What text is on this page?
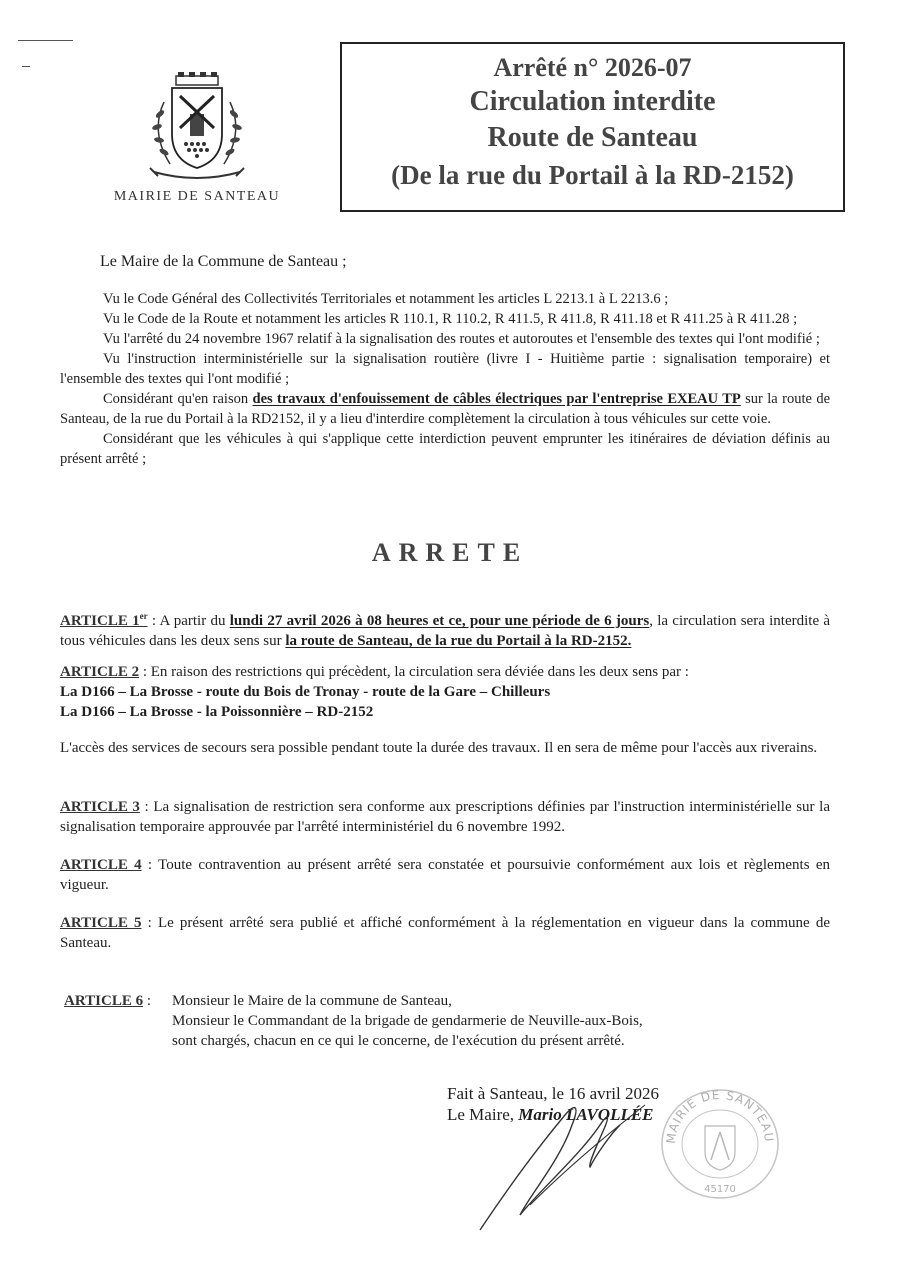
MAIRIE DE SANTEAU
Arrêté n° 2026-07
Circulation interdite
Route de Santeau
(De la rue du Portail à la RD-2152)

Le Maire de la Commune de Santeau ;

Vu le Code Général des Collectivités Territoriales et notamment les articles L 2213.1 à L 2213.6 ;

Vu le Code de la Route et notamment les articles R 110.1, R 110.2, R 411.5, R 411.8, R 411.18 et R 411.25 à R 411.28 ;

Vu l'arrêté du 24 novembre 1967 relatif à la signalisation des routes et autoroutes et l'ensemble des textes qui l'ont modifié ;

Vu l'instruction interministérielle sur la signalisation routière (livre I - Huitième partie : signalisation temporaire) et l'ensemble des textes qui l'ont modifié ;

Considérant qu'en raison des travaux d'enfouissement de câbles électriques par l'entreprise EXEAU TP sur la route de Santeau, de la rue du Portail à la RD2152, il y a lieu d'interdire complètement la circulation à tous véhicules sur cette voie.

Considérant que les véhicules à qui s'applique cette interdiction peuvent emprunter les itinéraires de déviation définis au présent arrêté ;

ARRETE

ARTICLE 1er : A partir du lundi 27 avril 2026 à 08 heures et ce, pour une période de 6 jours, la circulation sera interdite à tous véhicules dans les deux sens sur la route de Santeau, de la rue du Portail à la RD-2152.

ARTICLE 2 : En raison des restrictions qui précèdent, la circulation sera déviée dans les deux sens par :

La D166 – La Brosse - route du Bois de Tronay - route de la Gare – Chilleurs

La D166 – La Brosse - la Poissonnière – RD-2152

L'accès des services de secours sera possible pendant toute la durée des travaux. Il en sera de même pour l'accès aux riverains.

ARTICLE 3 : La signalisation de restriction sera conforme aux prescriptions définies par l'instruction interministérielle sur la signalisation temporaire approuvée par l'arrêté interministériel du 6 novembre 1992.

ARTICLE 4 : Toute contravention au présent arrêté sera constatée et poursuivie conformément aux lois et règlements en vigueur.

ARTICLE 5 : Le présent arrêté sera publié et affiché conformément à la réglementation en vigueur dans la commune de Santeau.

ARTICLE 6 :	Monsieur le Maire de la commune de Santeau,
Monsieur le Commandant de la brigade de gendarmerie de Neuville-aux-Bois,
sont chargés, chacun en ce qui le concerne, de l'exécution du présent arrêté.
MAIRIE DE SANTEAU
45170
Fait à Santeau, le 16 avril 2026
Le Maire, Mario LAVOLLÉE
